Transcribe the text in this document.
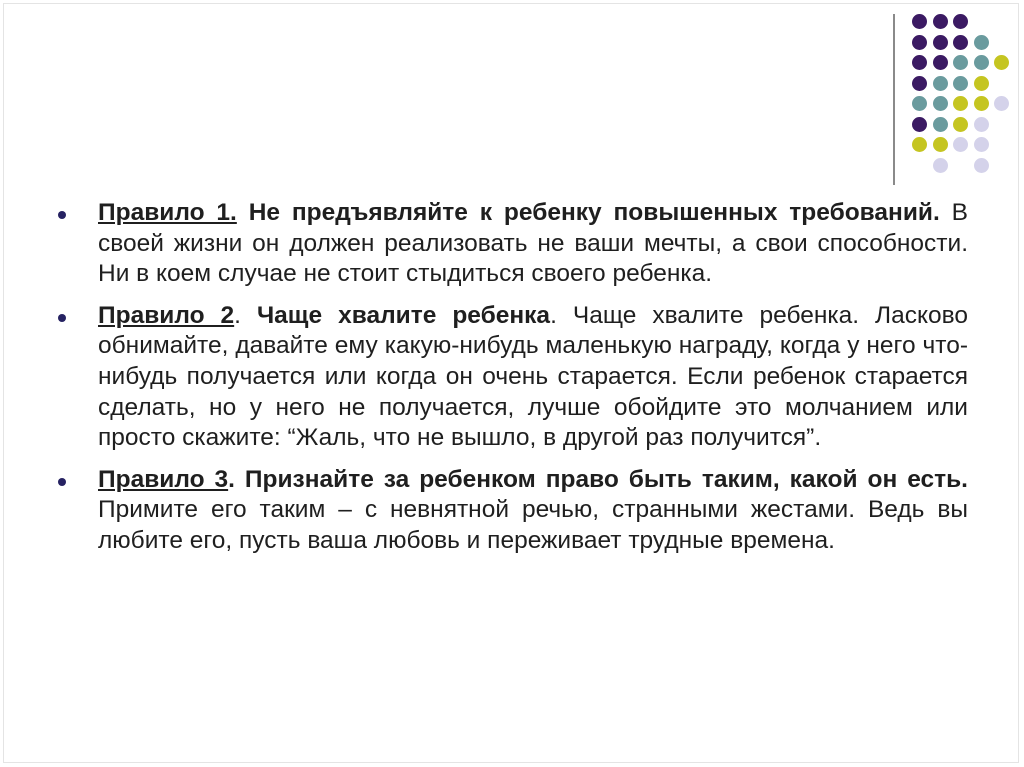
Правило 1. Не предъявляйте к ребенку повышенных требований. В своей жизни он должен реализовать не ваши мечты, а свои способности. Ни в коем случае не стоит стыдиться своего ребенка.
Правило 2. Чаще хвалите ребенка. Чаще хвалите ребенка. Ласково обнимайте, давайте ему какую-нибудь маленькую награду, когда у него что-нибудь получается или когда он очень старается. Если ребенок старается сделать, но у него не получается, лучше обойдите это молчанием или просто скажите: “Жаль, что не вышло, в другой раз получится”.
Правило 3. Признайте за ребенком право быть таким, какой он есть. Примите его таким – с невнятной речью, странными жестами. Ведь вы любите его, пусть ваша любовь и переживает трудные времена.
